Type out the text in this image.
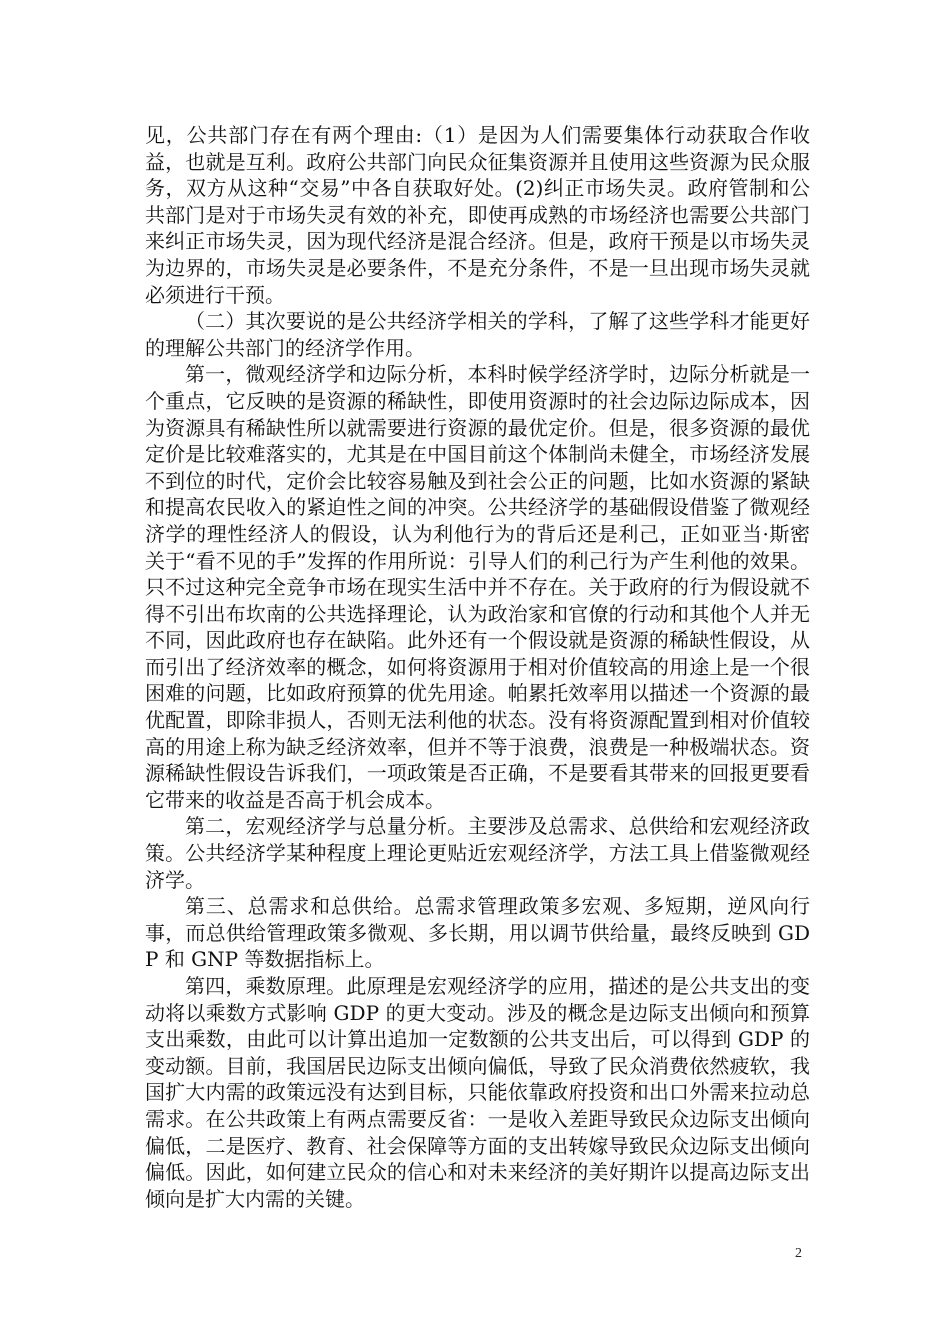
见，公共部门存在有两个理由:（1）是因为人们需要集体行动获取合作收益，也就是互利。政府公共部门向民众征集资源并且使用这些资源为民众服务，双方从这种“交易”中各自获取好处。(2)纠正市场失灵。政府管制和公共部门是对于市场失灵有效的补充，即使再成熟的市场经济也需要公共部门来纠正市场失灵，因为现代经济是混合经济。但是，政府干预是以市场失灵为边界的，市场失灵是必要条件，不是充分条件，不是一旦出现市场失灵就必须进行干预。

（二）其次要说的是公共经济学相关的学科，了解了这些学科才能更好的理解公共部门的经济学作用。

第一，微观经济学和边际分析，本科时候学经济学时，边际分析就是一个重点，它反映的是资源的稀缺性，即使用资源时的社会边际边际成本，因为资源具有稀缺性所以就需要进行资源的最优定价。但是，很多资源的最优定价是比较难落实的，尤其是在中国目前这个体制尚未健全，市场经济发展不到位的时代，定价会比较容易触及到社会公正的问题，比如水资源的紧缺和提高农民收入的紧迫性之间的冲突。公共经济学的基础假设借鉴了微观经济学的理性经济人的假设，认为利他行为的背后还是利己，正如亚当·斯密关于“看不见的手”发挥的作用所说：引导人们的利己行为产生利他的效果。只不过这种完全竞争市场在现实生活中并不存在。关于政府的行为假设就不得不引出布坎南的公共选择理论，认为政治家和官僚的行动和其他个人并无不同，因此政府也存在缺陷。此外还有一个假设就是资源的稀缺性假设，从而引出了经济效率的概念，如何将资源用于相对价值较高的用途上是一个很困难的问题，比如政府预算的优先用途。帕累托效率用以描述一个资源的最优配置，即除非损人，否则无法利他的状态。没有将资源配置到相对价值较高的用途上称为缺乏经济效率，但并不等于浪费，浪费是一种极端状态。资源稀缺性假设告诉我们，一项政策是否正确，不是要看其带来的回报更要看它带来的收益是否高于机会成本。

第二，宏观经济学与总量分析。主要涉及总需求、总供给和宏观经济政策。公共经济学某种程度上理论更贴近宏观经济学，方法工具上借鉴微观经济学。

第三、总需求和总供给。总需求管理政策多宏观、多短期，逆风向行事，而总供给管理政策多微观、多长期，用以调节供给量，最终反映到 GDP 和 GNP 等数据指标上。

第四，乘数原理。此原理是宏观经济学的应用，描述的是公共支出的变动将以乘数方式影响 GDP 的更大变动。涉及的概念是边际支出倾向和预算支出乘数，由此可以计算出追加一定数额的公共支出后，可以得到 GDP 的变动额。目前，我国居民边际支出倾向偏低，导致了民众消费依然疲软，我国扩大内需的政策远没有达到目标，只能依靠政府投资和出口外需来拉动总需求。在公共政策上有两点需要反省：一是收入差距导致民众边际支出倾向偏低，二是医疗、教育、社会保障等方面的支出转嫁导致民众边际支出倾向偏低。因此，如何建立民众的信心和对未来经济的美好期许以提高边际支出倾向是扩大内需的关键。

2
